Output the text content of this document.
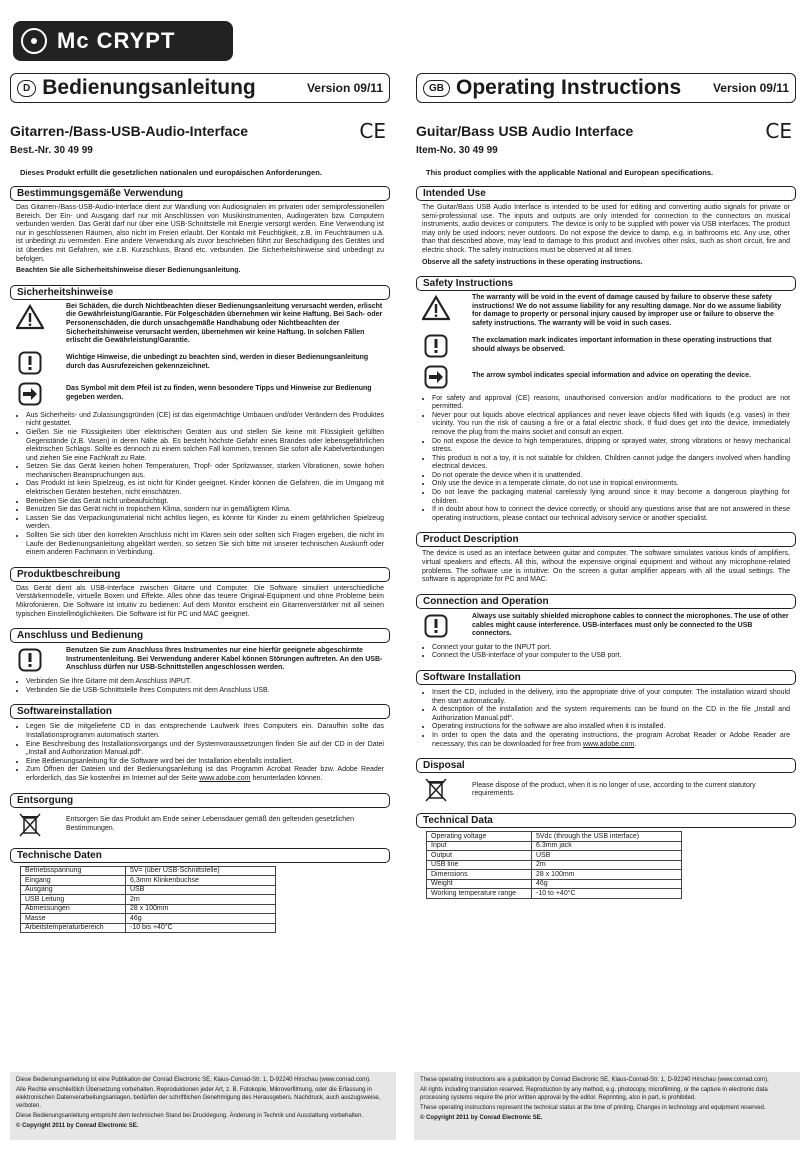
Mc CRYPT
D Bedienungsanleitung	Version 09/11
Gitarren-/Bass-USB-Audio-Interface	CE
Best.-Nr. 30 49 99
Dieses Produkt erfüllt die gesetzlichen nationalen und europäischen Anforderungen.
Bestimmungsgemäße Verwendung

Das Gitarren-/Bass-USB-Audio-Interface dient zur Wandlung von Audiosignalen im privaten oder semiprofessionellen Bereich. Der Ein- und Ausgang darf nur mit Anschlüssen von Musikinstrumenten, Audiogeräten bzw. Computern verbunden werden. Das Gerät darf nur über eine USB-Schnittstelle mit Energie versorgt werden. Eine Verwendung ist nur in geschlossenen Räumen, also nicht im Freien erlaubt. Der Kontakt mit Feuchtigkeit, z.B. im Feuchträumen u.ä. ist unbedingt zu vermeiden. Eine andere Verwendung als zuvor beschrieben führt zur Beschädigung des Gerätes und ist überdies mit Gefahren, wie z.B. Kurzschluss, Brand etc. verbunden. Die Sicherheitshinweise sind unbedingt zu befolgen.

Beachten Sie alle Sicherheitshinweise dieser Bedienungsanleitung.

Sicherheitshinweise
Bei Schäden, die durch Nichtbeachten dieser Bedienungsanleitung verursacht werden, erlischt die Gewährleistung/Garantie. Für Folgeschäden übernehmen wir keine Haftung. Bei Sach- oder Personenschäden, die durch unsachgemäße Handhabung oder Nichtbeachten der Sicherheitshinweise verursacht werden, übernehmen wir keine Haftung. In solchen Fällen erlischt die Gewährleistung/Garantie.
Wichtige Hinweise, die unbedingt zu beachten sind, werden in dieser Bedienungsanleitung durch das Ausrufezeichen gekennzeichnet.
Das Symbol mit dem Pfeil ist zu finden, wenn besondere Tipps und Hinweise zur Bedienung gegeben werden.
• Aus Sicherheits- und Zulassungsgründen (CE) ist das eigenmächtige Umbauen und/oder Verändern des Produktes nicht gestattet.
• Gießen Sie nie Flüssigkeiten über elektrischen Geräten aus und stellen Sie keine mit Flüssigkeit gefüllten Gegenstände (z.B. Vasen) in deren Nähe ab. Es besteht höchste Gefahr eines Brandes oder lebensgefährlichen elektrischen Schlags. Sollte es dennoch zu einem solchen Fall kommen, trennen Sie sofort alle Kabelverbindungen und ziehen Sie eine Fachkraft zu Rate.
• Setzen Sie das Gerät keinen hohen Temperaturen, Tropf- oder Spritzwasser, starken Vibrationen, sowie hohen mechanischen Beanspruchungen aus.
• Das Produkt ist kein Spielzeug, es ist nicht für Kinder geeignet. Kinder können die Gefahren, die im Umgang mit elektrischen Geräten bestehen, nicht einschätzen.
• Betreiben Sie das Gerät nicht unbeaufsichtigt.
• Benutzen Sie das Gerät nicht in tropischem Klima, sondern nur in gemäßigtem Klima.
• Lassen Sie das Verpackungsmaterial nicht achtlos liegen, es könnte für Kinder zu einem gefährlichen Spielzeug werden.
• Sollten Sie sich über den korrekten Anschluss nicht im Klaren sein oder sollten sich Fragen ergeben, die nicht im Laufe der Bedienungsanleitung abgeklärt werden, so setzen Sie sich bitte mit unserer technischen Auskunft oder einem anderen Fachmann in Verbindung.
Produktbeschreibung

Das Gerät dient als USB-Interface zwischen Gitarre und Computer. Die Software simuliert unterschiedliche Verstärkermodelle, virtuelle Boxen und Effekte. Alles ohne das teuere Original-Equipment und ohne Probleme beim Mikrofonieren. Die Software ist intuitiv zu bedienen: Auf dem Monitor erscheint ein Gitarrenverstärker mit all seinen typischen Einstellmöglichkeiten. Die Software ist für PC und MAC geeignet.

Anschluss und Bedienung
Benutzen Sie zum Anschluss Ihres Instrumentes nur eine hierfür geeignete abgeschirmte Instrumentenleitung. Bei Verwendung anderer Kabel können Störungen auftreten. An den USB-Anschluss dürfen nur USB-Schnittstellen angeschlossen werden.
• Verbinden Sie Ihre Gitarre mit dem Anschluss INPUT.
• Verbinden Sie die USB-Schnittstelle Ihres Computers mit dem Anschluss USB.
Softwareinstallation
• Legen Sie die mitgelieferte CD in das entsprechende Laufwerk Ihres Computers ein. Daraufhin sollte das Installationsprogramm automatisch starten.
• Eine Beschreibung des Installationsvorgangs und der Systemvoraussetzungen finden Sie auf der CD in der Datei „Install and Authorization Manual.pdf“.
• Eine Bedienungsanleitung für die Software wird bei der Installation ebenfalls installiert.
• Zum Öffnen der Dateien und der Bedienungsanleitung ist das Programm Acrobat Reader bzw. Adobe Reader erforderlich, das Sie kostenfrei im Internet auf der Seite www.adobe.com herunterladen können.
Entsorgung
Entsorgen Sie das Produkt am Ende seiner Lebensdauer gemäß den geltenden gesetzlichen Bestimmungen.
Technische Daten
Betriebsspannung	5V= (über USB-Schnittstelle)
Eingang	6,3mm Klinkenbuchse
Ausgang	USB
USB Leitung	2m
Abmessungen	28 x 100mm
Masse	46g
Arbeitstemperaturbereich	-10 bis +40°C
GB Operating Instructions	Version 09/11
Guitar/Bass USB Audio Interface	CE
Item-No. 30 49 99
This product complies with the applicable National and European specifications.
Intended Use

The Guitar/Bass USB Audio Interface is intended to be used for editing and converting audio signals for private or semi-professional use. The inputs and outputs are only intended for connection to the connectors on musical instruments, audio devices or computers. The device is only to be supplied with power via USB interfaces. The product may only be used indoors; never outdoors. Do not expose the device to damp, e.g. in bathrooms etc. Any use, other than that described above, may lead to damage to this product and involves other risks, such as short circuit, fire and electric shock. The safety instructions must be observed at all times.

Observe all the safety instructions in these operating instructions.

Safety Instructions
The warranty will be void in the event of damage caused by failure to observe these safety instructions! We do not assume liability for any resulting damage. Nor do we assume liability for damage to property or personal injury caused by improper use or failure to observe the safety instructions. The warranty will be void in such cases.
The exclamation mark indicates important information in these operating instructions that should always be observed.
The arrow symbol indicates special information and advice on operating the device.
• For safety and approval (CE) reasons, unauthorised conversion and/or modifications to the product are not permitted.
• Never pour out liquids above electrical appliances and never leave objects filled with liquids (e.g. vases) in their vicinity. You run the risk of causing a fire or a fatal electric shock. If fluid does get into the device, immediately remove the plug from the mains socket and consult an expert.
• Do not expose the device to high temperatures, dripping or sprayed water, strong vibrations or heavy mechanical stress.
• This product is not a toy, it is not suitable for children. Children cannot judge the dangers involved when handling electrical devices.
• Do not operate the device when it is unattended.
• Only use the device in a temperate climate, do not use in tropical environments.
• Do not leave the packaging material carelessly lying around since it may become a dangerous plaything for children.
• If in doubt about how to connect the device correctly, or should any questions arise that are not answered in these operating instructions, please contact our technical advisory service or another specialist.
Product Description

The device is used as an interface between guitar and computer. The software simulates various kinds of amplifiers, virtual speakers and effects. All this, without the expensive original equipment and without any microphone-related problems. The software use is intuitive: On the screen a guitar amplifier appears with all the usual settings. The software is appropriate for PC and MAC.

Connection and Operation
Always use suitably shielded microphone cables to connect the microphones. The use of other cables might cause interference. USB-interfaces must only be connected to the USB connectors.
• Connect your guitar to the INPUT port.
• Connect the USB-interface of your computer to the USB port.
Software Installation
• Insert the CD, included in the delivery, into the appropriate drive of your computer. The installation wizard should then start automatically.
• A description of the installation and the system requirements can be found on the CD in the file „Install and Authorization Manual.pdf“.
• Operating instructions for the software are also installed when it is installed.
• In order to open the data and the operating instructions, the program Acrobat Reader or Adobe Reader are necessary, this can be downloaded for free from www.adobe.com.
Disposal
Please dispose of the product, when it is no longer of use, according to the current statutory requirements.
Technical Data
Operating voltage	5Vdc (through the USB interface)
Input	6.3mm jack
Output	USB
USB line	2m
Dimensions	28 x 100mm
Weight	46g
Working temperature range	-10 to +40°C

Diese Bedienungsanleitung ist eine Publikation der Conrad Electronic SE, Klaus-Conrad-Str. 1, D-92240 Hirschau (www.conrad.com).

Alle Rechte einschließlich Übersetzung vorbehalten. Reproduktionen jeder Art, z. B. Fotokopie, Mikroverfilmung, oder die Erfassung in elektronischen Datenverarbeitungsanlagen, bedürfen der schriftlichen Genehmigung des Herausgebers. Nachdruck, auch auszugsweise, verboten.

Diese Bedienungsanleitung entspricht dem technischen Stand bei Drucklegung. Änderung in Technik und Ausstattung vorbehalten.

© Copyright 2011 by Conrad Electronic SE.

These operating instructions are a publication by Conrad Electronic SE, Klaus-Conrad-Str. 1, D-92240 Hirschau (www.conrad.com).

All rights including translation reserved. Reproduction by any method, e.g. photocopy, microfilming, or the capture in electronic data processing systems require the prior written approval by the editor. Reprinting, also in part, is prohibited.

These operating instructions represent the technical status at the time of printing. Changes in technology and equipment reserved.

© Copyright 2011 by Conrad Electronic SE.
